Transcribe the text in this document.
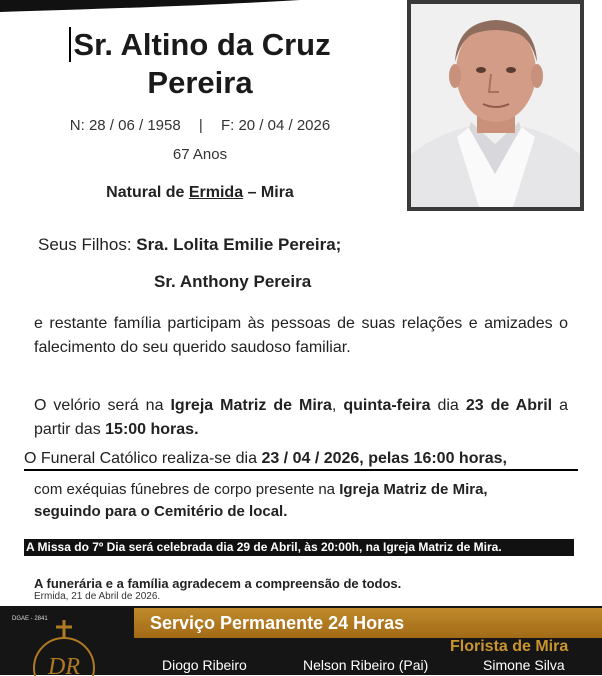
Sr. Altino da Cruz
Pereira
N: 28 / 06 / 1958 | F: 20 / 04 / 2026
67 Anos
Natural de Ermida – Mira
Seus Filhos: Sra. Lolita Emilie Pereira;
Sr. Anthony Pereira
e restante família participam às pessoas de suas relações e amizades o falecimento do seu querido saudoso familiar.
O velório será na Igreja Matriz de Mira, quinta-feira dia 23 de Abril a partir das 15:00 horas.
O Funeral Católico realiza-se dia 23 / 04 / 2026, pelas 16:00 horas,
com exéquias fúnebres de corpo presente na Igreja Matriz de Mira,
seguindo para o Cemitério de local.
A Missa do 7º Dia será celebrada dia 29 de Abril, às 20:00h, na Igreja Matriz de Mira.
A funerária e a família agradecem a compreensão de todos.
Ermida, 21 de Abril de 2026.
DGAE - 2841
DR
Serviço Permanente 24 Horas
Florista de Mira
Diogo Ribeiro	Nelson Ribeiro (Pai)	Simone Silva
